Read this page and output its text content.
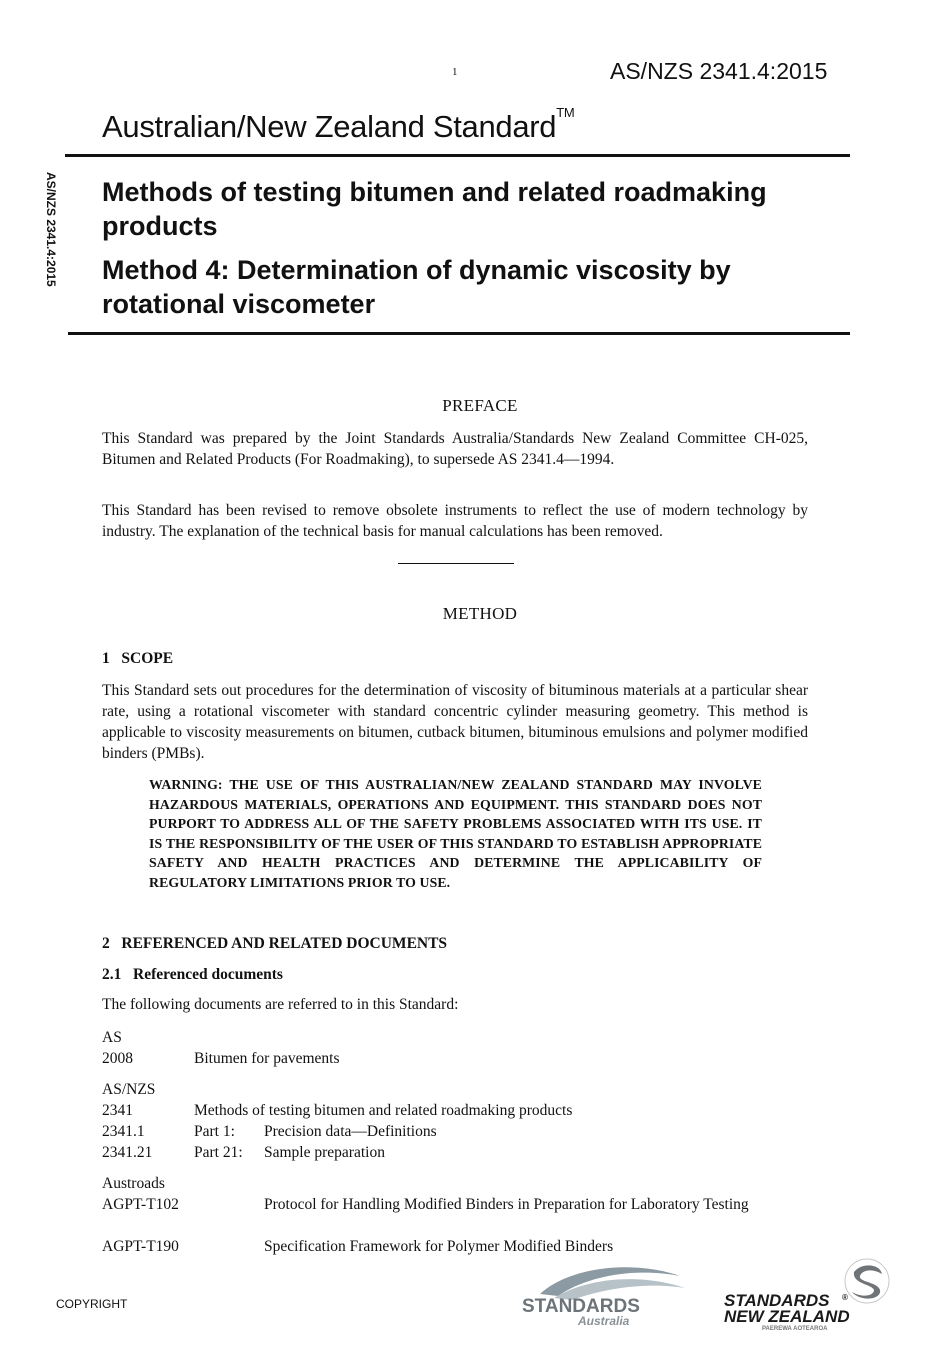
1	AS/NZS 2341.4:2015
Australian/New Zealand Standard™
AS/NZS 2341.4:2015 Methods of testing bitumen and related roadmaking products
Method 4: Determination of dynamic viscosity by rotational viscometer
PREFACE
This Standard was prepared by the Joint Standards Australia/Standards New Zealand Committee CH-025, Bitumen and Related Products (For Roadmaking), to supersede AS 2341.4—1994.
This Standard has been revised to remove obsolete instruments to reflect the use of modern technology by industry. The explanation of the technical basis for manual calculations has been removed.
METHOD
1   SCOPE
This Standard sets out procedures for the determination of viscosity of bituminous materials at a particular shear rate, using a rotational viscometer with standard concentric cylinder measuring geometry. This method is applicable to viscosity measurements on bitumen, cutback bitumen, bituminous emulsions and polymer modified binders (PMBs).
WARNING: THE USE OF THIS AUSTRALIAN/NEW ZEALAND STANDARD MAY INVOLVE HAZARDOUS MATERIALS, OPERATIONS AND EQUIPMENT. THIS STANDARD DOES NOT PURPORT TO ADDRESS ALL OF THE SAFETY PROBLEMS ASSOCIATED WITH ITS USE. IT IS THE RESPONSIBILITY OF THE USER OF THIS STANDARD TO ESTABLISH APPROPRIATE SAFETY AND HEALTH PRACTICES AND DETERMINE THE APPLICABILITY OF REGULATORY LIMITATIONS PRIOR TO USE.
2   REFERENCED AND RELATED DOCUMENTS
2.1   Referenced documents
The following documents are referred to in this Standard:
AS
2008	Bitumen for pavements
AS/NZS
2341	Methods of testing bitumen and related roadmaking products
2341.1	Part 1: Precision data—Definitions
2341.21	Part 21: Sample preparation
Austroads
AGPT-T102	Protocol for Handling Modified Binders in Preparation for Laboratory Testing
AGPT-T190	Specification Framework for Polymer Modified Binders
COPYRIGHT	STANDARDS
Australia
STANDARDS ®
NEW ZEALAND
PAEREWA AOTEAROA
